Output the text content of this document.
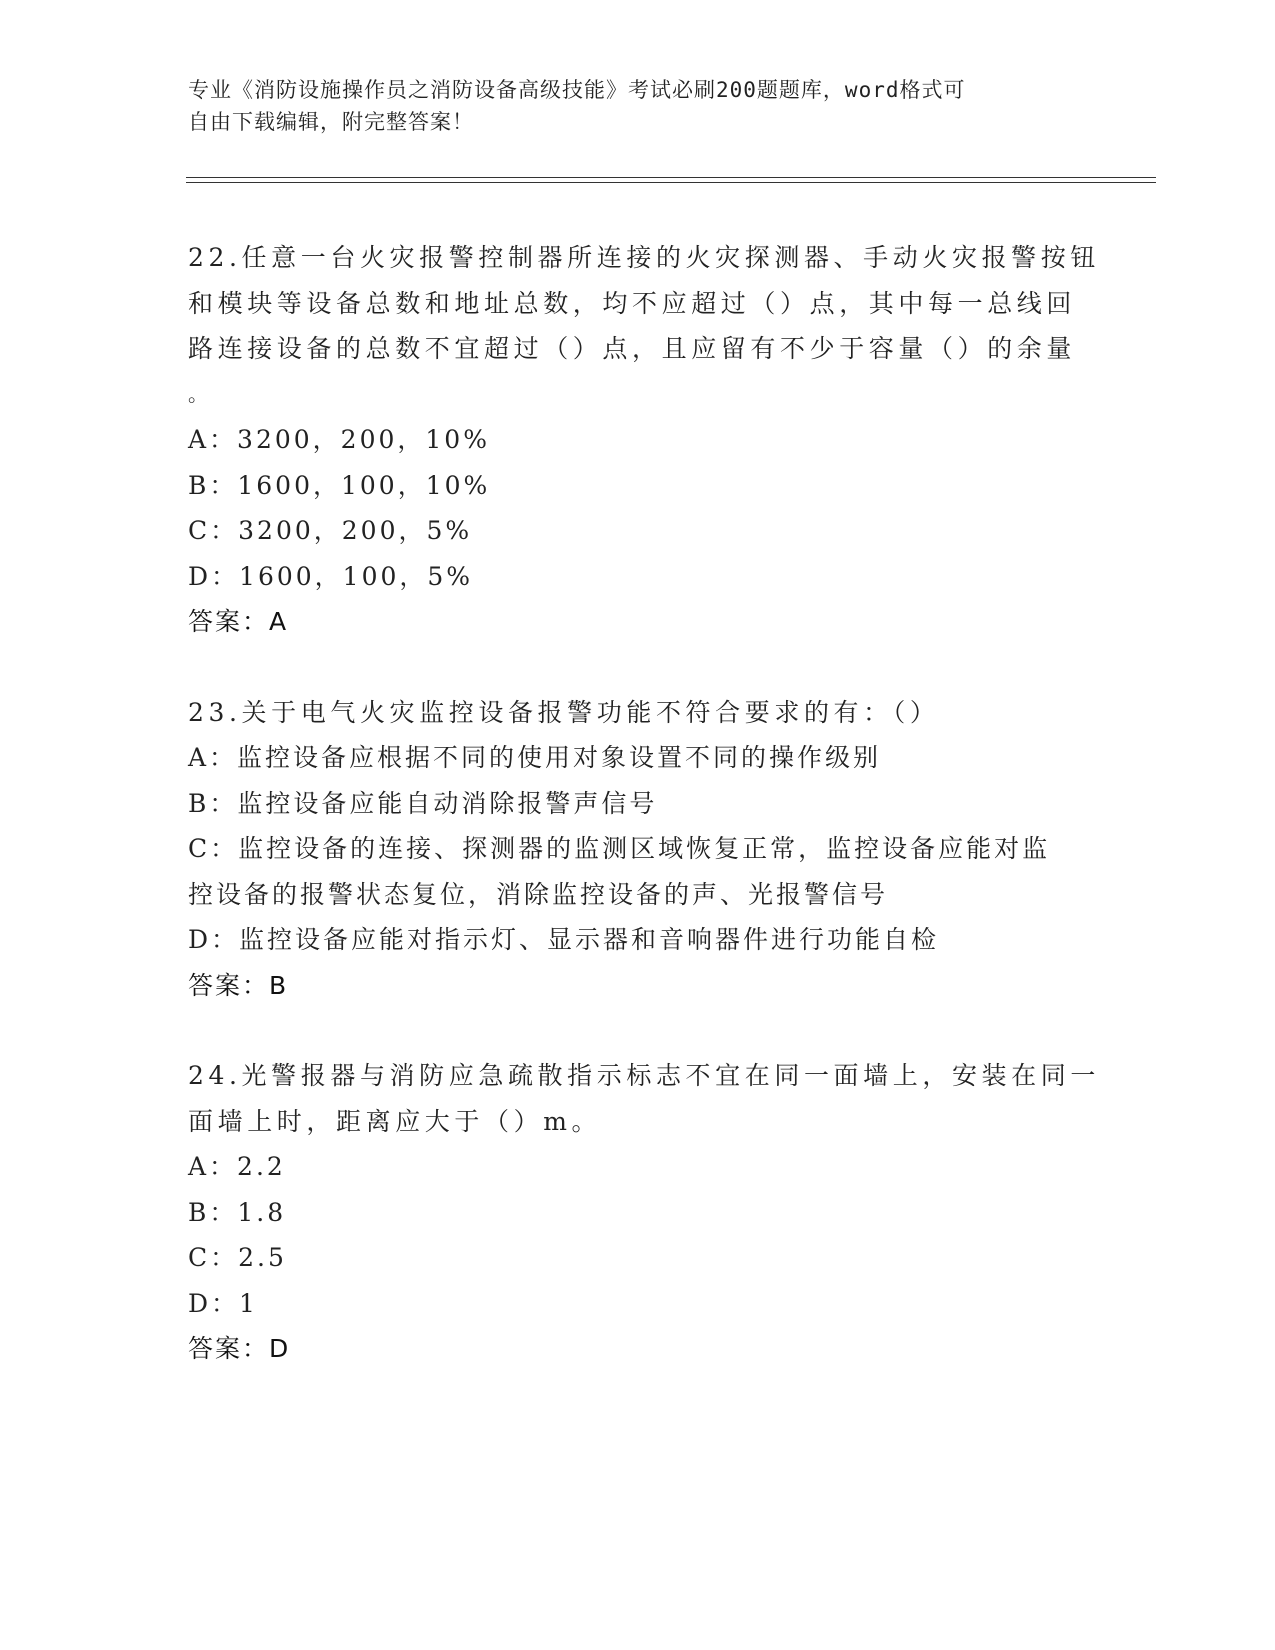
专业《消防设施操作员之消防设备高级技能》考试必刷200题题库，word格式可
自由下载编辑，附完整答案！
22.任意一台火灾报警控制器所连接的火灾探测器、手动火灾报警按钮
和模块等设备总数和地址总数，均不应超过（）点，其中每一总线回
路连接设备的总数不宜超过（）点，且应留有不少于容量（）的余量
。
A：3200，200，10%
B：1600，100，10%
C：3200，200，5%
D：1600，100，5%
答案：A
23.关于电气火灾监控设备报警功能不符合要求的有：（）
A：监控设备应根据不同的使用对象设置不同的操作级别
B：监控设备应能自动消除报警声信号
C：监控设备的连接、探测器的监测区域恢复正常，监控设备应能对监
控设备的报警状态复位，消除监控设备的声、光报警信号
D：监控设备应能对指示灯、显示器和音响器件进行功能自检
答案：B
24.光警报器与消防应急疏散指示标志不宜在同一面墙上，安装在同一
面墙上时，距离应大于（）m。
A：2.2
B：1.8
C：2.5
D：1
答案：D
